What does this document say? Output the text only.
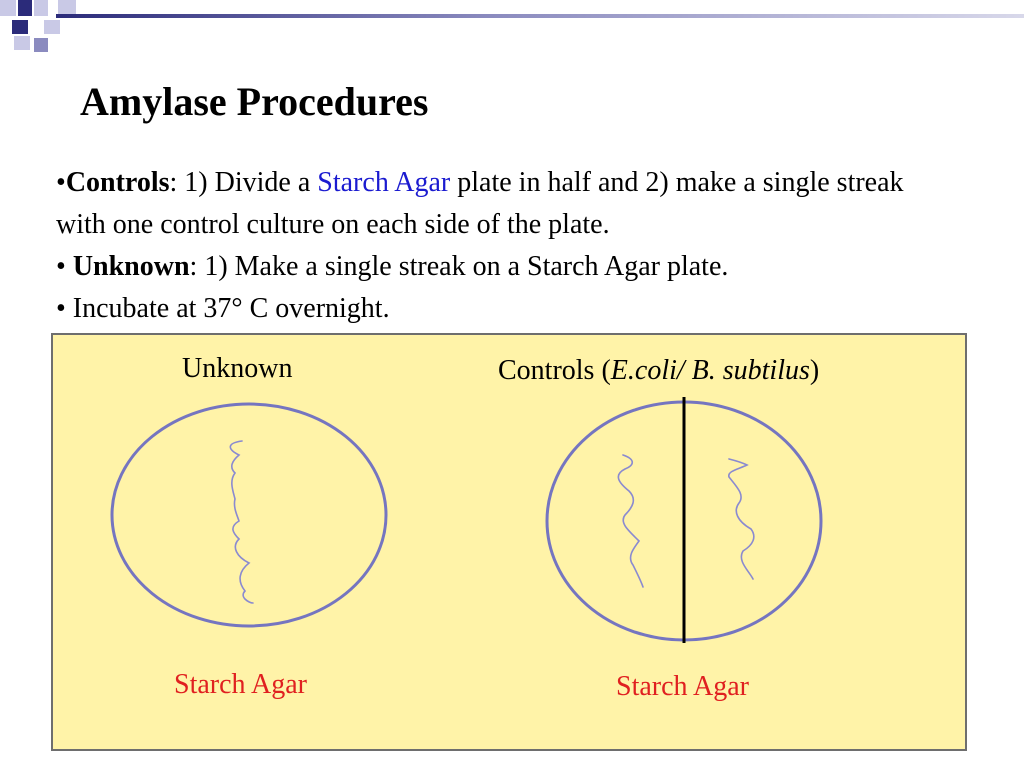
Amylase Procedures

•Controls: 1) Divide a Starch Agar plate in half and 2) make a single streak with one control culture on each side of the plate.

• Unknown: 1) Make a single streak on a Starch Agar plate.

• Incubate at 37° C overnight.

Unknown	Controls (E.coli/ B. subtilus)
Starch Agar	Starch Agar
